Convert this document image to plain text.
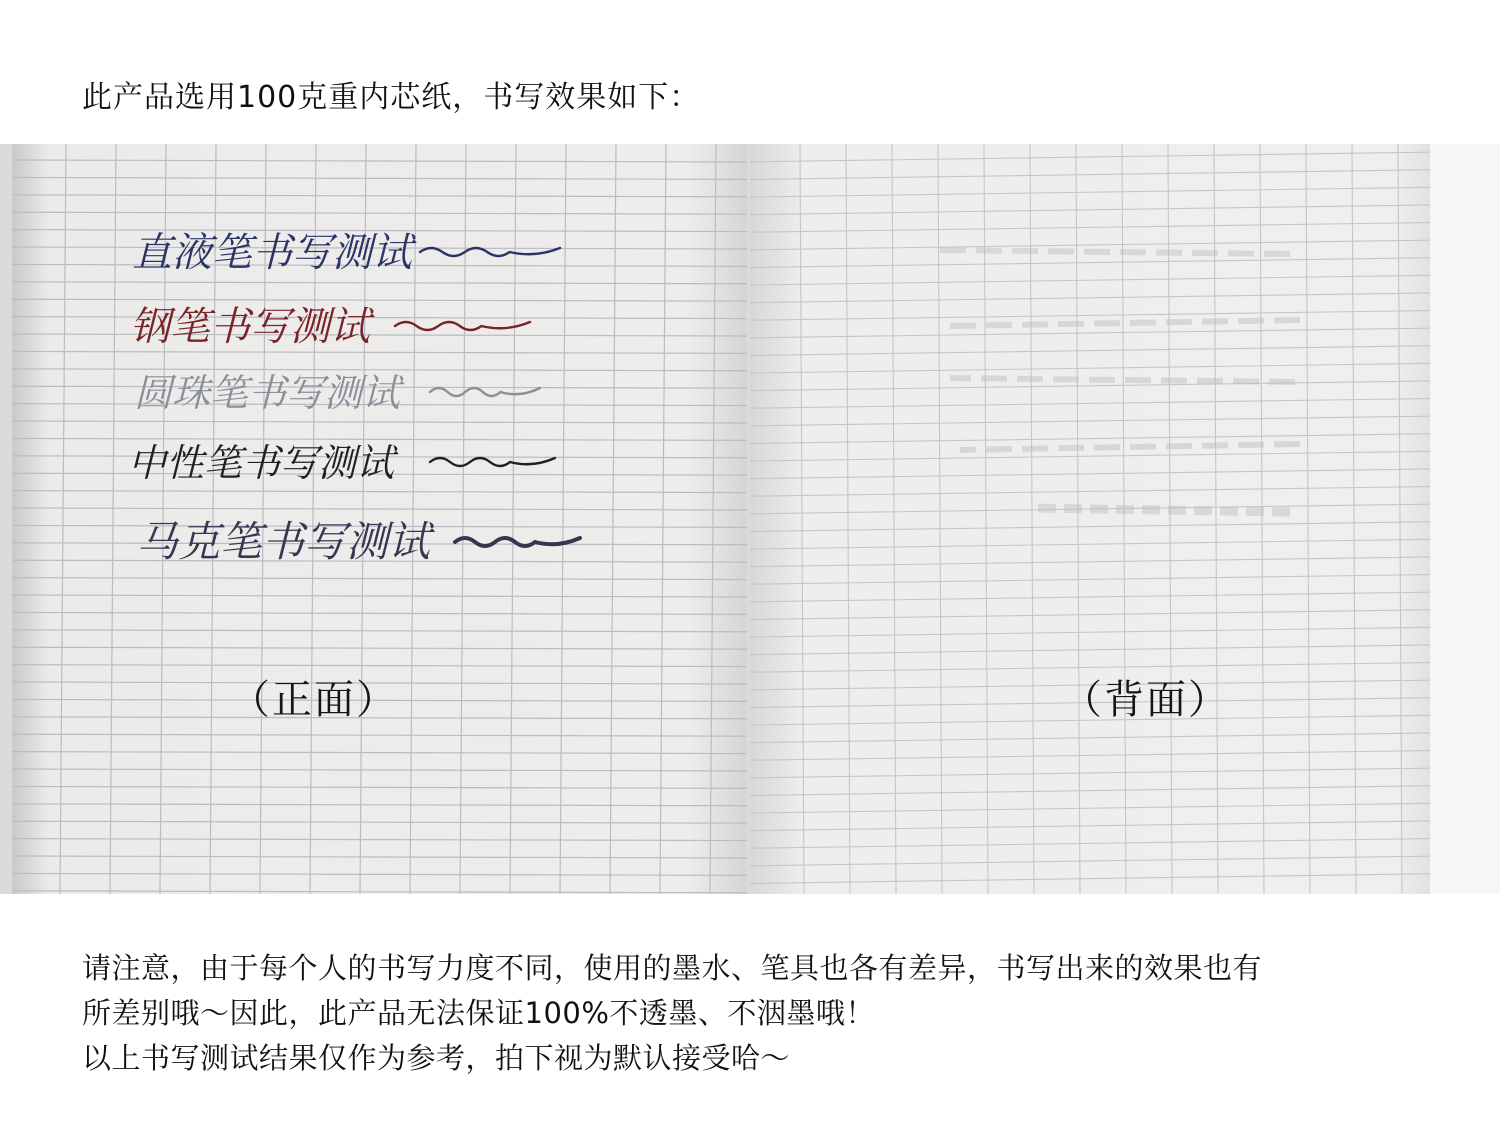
此产品选用100克重内芯纸，书写效果如下：
直液笔书写测试
钢笔书写测试
圆珠笔书写测试
中性笔书写测试
马克笔书写测试
（正面）	（背面）
请注意，由于每个人的书写力度不同，使用的墨水、笔具也各有差异，书写出来的效果也有
所差别哦～因此，此产品无法保证100%不透墨、不洇墨哦！
以上书写测试结果仅作为参考，拍下视为默认接受哈～
